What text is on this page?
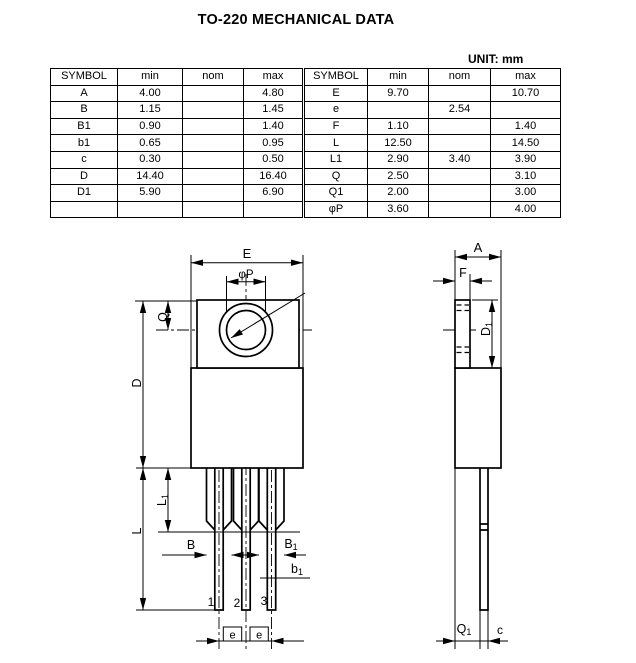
TO-220 MECHANICAL DATA
UNIT: mm
SYMBOL	min	nom	max	SYMBOL	min	nom	max
A	4.00		4.80	E	9.70		10.70
B	1.15		1.45	e		2.54	
B1	0.90		1.40	F	1.10		1.40
b1	0.65		0.95	L	12.50		14.50
c	0.30		0.50	L1	2.90	3.40	3.90
D	14.40		16.40	Q	2.50		3.10
D1	5.90		6.90	Q1	2.00		3.00
				φP	3.60		4.00
E
φP
Q
D
L
L1
B	B1
b1
1 2 3
e e
A
F
D1
Q1 c
